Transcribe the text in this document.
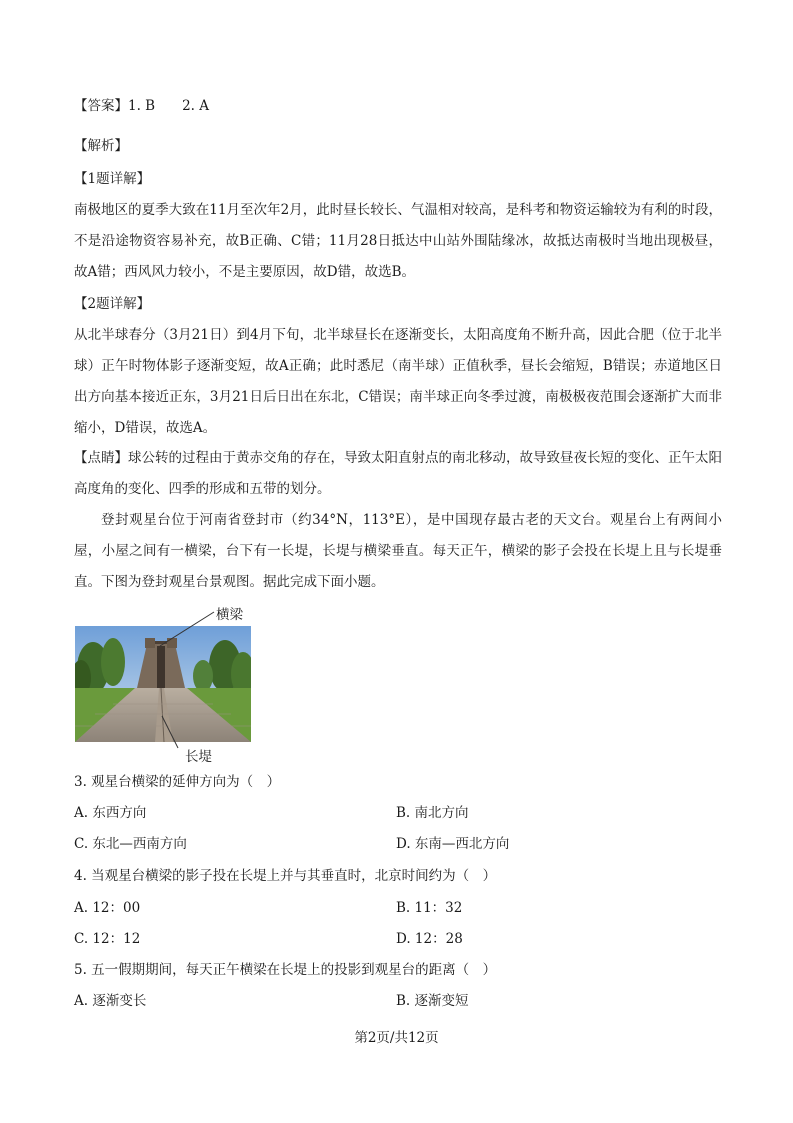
【答案】1. B　　2. A
【解析】
【1题详解】
南极地区的夏季大致在11月至次年2月，此时昼长较长、气温相对较高，是科考和物资运输较为有利的时段，不是沿途物资容易补充，故B正确、C错；11月28日抵达中山站外围陆缘冰，故抵达南极时当地出现极昼，故A错；西风风力较小，不是主要原因，故D错，故选B。
【2题详解】
从北半球春分（3月21日）到4月下旬，北半球昼长在逐渐变长，太阳高度角不断升高，因此合肥（位于北半球）正午时物体影子逐渐变短，故A正确；此时悉尼（南半球）正值秋季，昼长会缩短，B错误；赤道地区日出方向基本接近正东，3月21日后日出在东北，C错误；南半球正向冬季过渡，南极极夜范围会逐渐扩大而非缩小，D错误，故选A。
【点睛】球公转的过程由于黄赤交角的存在，导致太阳直射点的南北移动，故导致昼夜长短的变化、正午太阳高度角的变化、四季的形成和五带的划分。
登封观星台位于河南省登封市（约34°N，113°E），是中国现存最古老的天文台。观星台上有两间小屋，小屋之间有一横梁，台下有一长堤，长堤与横梁垂直。每天正午，横梁的影子会投在长堤上且与长堤垂直。下图为登封观星台景观图。据此完成下面小题。
横梁
长堤
3. 观星台横梁的延伸方向为（　）
A. 东西方向	B. 南北方向
C. 东北—西南方向	D. 东南—西北方向
4. 当观星台横梁的影子投在长堤上并与其垂直时，北京时间约为（　）
A. 12：00	B. 11：32
C. 12：12	D. 12：28
5. 五一假期期间，每天正午横梁在长堤上的投影到观星台的距离（　）
A. 逐渐变长	B. 逐渐变短
第2页/共12页
